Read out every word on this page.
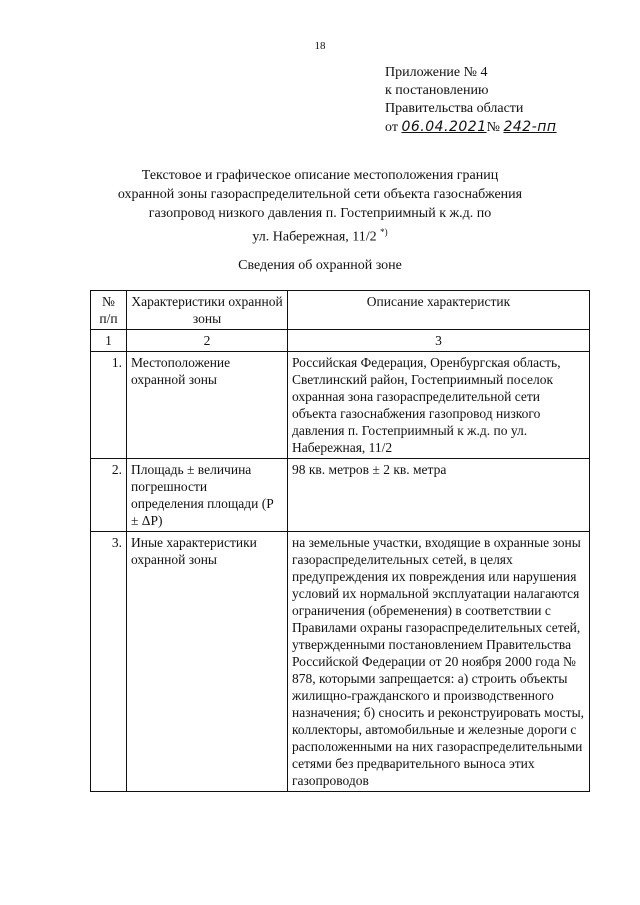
18
Приложение № 4
к постановлению
Правительства области
от 06.04.2021№ 242-пп
Текстовое и графическое описание местоположения границ
охранной зоны газораспределительной сети объекта газоснабжения
газопровод низкого давления п. Гостеприимный к ж.д. по
ул. Набережная, 11/2 *)
Сведения об охранной зоне
№ п/п	Характеристики охранной зоны	Описание характеристик
1	2	3
1.	Местоположение охранной зоны	Российская Федерация, Оренбургская область, Светлинский район, Гостеприимный поселок охранная зона газораспределительной сети объекта газоснабжения газопровод низкого давления п. Гостеприимный к ж.д. по ул. Набережная, 11/2
2.	Площадь ± величина погрешности определения площади (P ± ΔP)	98 кв. метров ± 2 кв. метра
3.	Иные характеристики охранной зоны	на земельные участки, входящие в охранные зоны газораспределительных сетей, в целях предупреждения их повреждения или нарушения условий их нормальной эксплуатации налагаются ограничения (обременения) в соответствии с Правилами охраны газораспределительных сетей, утвержденными постановлением Правительства Российской Федерации от 20 ноября 2000 года № 878, которыми запрещается: а) строить объекты жилищно-гражданского и производственного назначения; б) сносить и реконструировать мосты, коллекторы, автомобильные и железные дороги с расположенными на них газораспределительными сетями без предварительного выноса этих газопроводов
